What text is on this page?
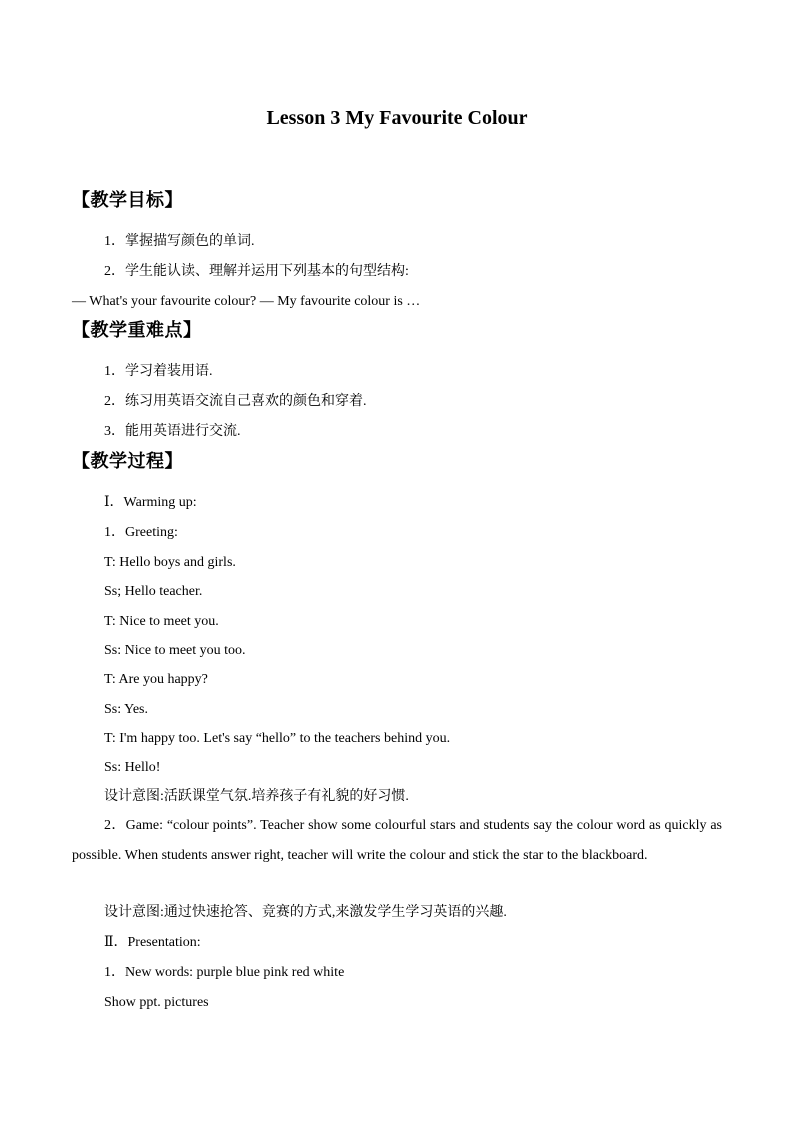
Lesson 3 My Favourite Colour
【教学目标】
1．掌握描写颜色的单词.
2．学生能认读、理解并运用下列基本的句型结构:
— What's your favourite colour? — My favourite colour is …
【教学重难点】
1．学习着装用语.
2．练习用英语交流自己喜欢的颜色和穿着.
3．能用英语进行交流.
【教学过程】
Ⅰ．Warming up:
1．Greeting:
T: Hello boys and girls.
Ss; Hello teacher.
T: Nice to meet you.
Ss: Nice to meet you too.
T: Are you happy?
Ss: Yes.
T: I'm happy too. Let's say “hello” to the teachers behind you.
Ss: Hello!
设计意图:活跃课堂气氛.培养孩子有礼貌的好习惯.
2．Game: “colour points”. Teacher show some colourful stars and students say the colour word as quickly as possible. When students answer right, teacher will write the colour and stick the star to the blackboard.
设计意图:通过快速抢答、竞赛的方式,来激发学生学习英语的兴趣.
Ⅱ．Presentation:
1．New words: purple blue pink red white
Show ppt. pictures
